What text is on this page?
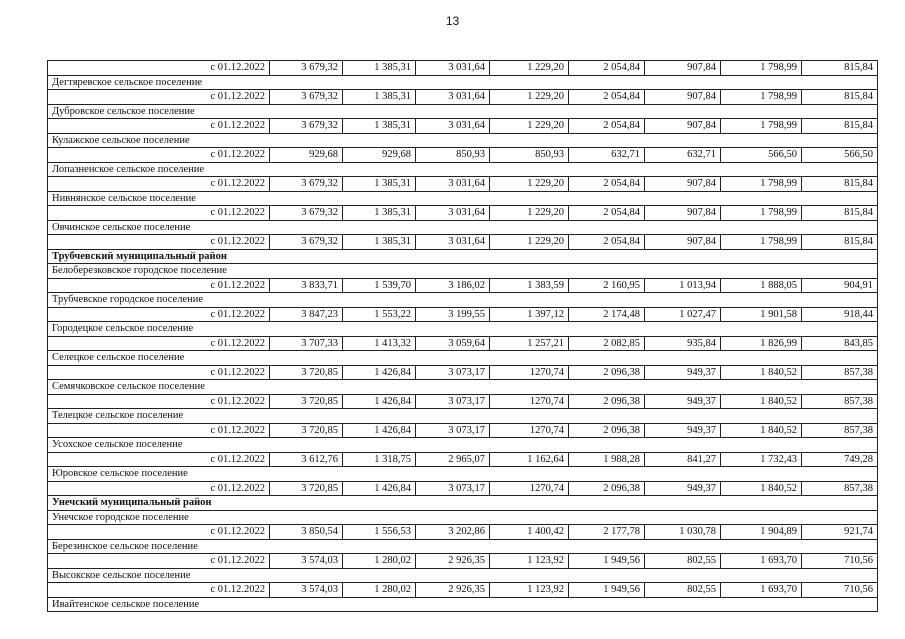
13
с 01.12.2022	3 679,32	1 385,31	3 031,64	1 229,20	2 054,84	907,84	1 798,99	815,84
Дегтяревское сельское поселение								
с 01.12.2022	3 679,32	1 385,31	3 031,64	1 229,20	2 054,84	907,84	1 798,99	815,84
Дубровское сельское поселение								
с 01.12.2022	3 679,32	1 385,31	3 031,64	1 229,20	2 054,84	907,84	1 798,99	815,84
Кулажское сельское поселение								
с 01.12.2022	929,68	929,68	850,93	850,93	632,71	632,71	566,50	566,50
Лопазненское сельское поселение								
с 01.12.2022	3 679,32	1 385,31	3 031,64	1 229,20	2 054,84	907,84	1 798,99	815,84
Нивнянское сельское поселение								
с 01.12.2022	3 679,32	1 385,31	3 031,64	1 229,20	2 054,84	907,84	1 798,99	815,84
Овчинское сельское поселение								
с 01.12.2022	3 679,32	1 385,31	3 031,64	1 229,20	2 054,84	907,84	1 798,99	815,84
Трубчевский муниципальный район								
Белоберезковское городское поселение								
с 01.12.2022	3 833,71	1 539,70	3 186,02	1 383,59	2 160,95	1 013,94	1 888,05	904,91
Трубчевское городское поселение								
с 01.12.2022	3 847,23	1 553,22	3 199,55	1 397,12	2 174,48	1 027,47	1 901,58	918,44
Городецкое сельское поселение								
с 01.12.2022	3 707,33	1 413,32	3 059,64	1 257,21	2 082,85	935,84	1 826,99	843,85
Селецкое сельское поселение								
с 01.12.2022	3 720,85	1 426,84	3 073,17	1270,74	2 096,38	949,37	1 840,52	857,38
Семячковское сельское поселение								
с 01.12.2022	3 720,85	1 426,84	3 073,17	1270,74	2 096,38	949,37	1 840,52	857,38
Телецкое сельское поселение								
с 01.12.2022	3 720,85	1 426,84	3 073,17	1270,74	2 096,38	949,37	1 840,52	857,38
Усохское сельское поселение								
с 01.12.2022	3 612,76	1 318,75	2 965,07	1 162,64	1 988,28	841,27	1 732,43	749,28
Юровское сельское поселение								
с 01.12.2022	3 720,85	1 426,84	3 073,17	1270,74	2 096,38	949,37	1 840,52	857,38
Унечский муниципальный район								
Унечское городское поселение								
с 01.12.2022	3 850,54	1 556,53	3 202,86	1 400,42	2 177,78	1 030,78	1 904,89	921,74
Березинское сельское поселение								
с 01.12.2022	3 574,03	1 280,02	2 926,35	1 123,92	1 949,56	802,55	1 693,70	710,56
Высокское сельское поселение								
с 01.12.2022	3 574,03	1 280,02	2 926,35	1 123,92	1 949,56	802,55	1 693,70	710,56
Ивайтенское сельское поселение								
